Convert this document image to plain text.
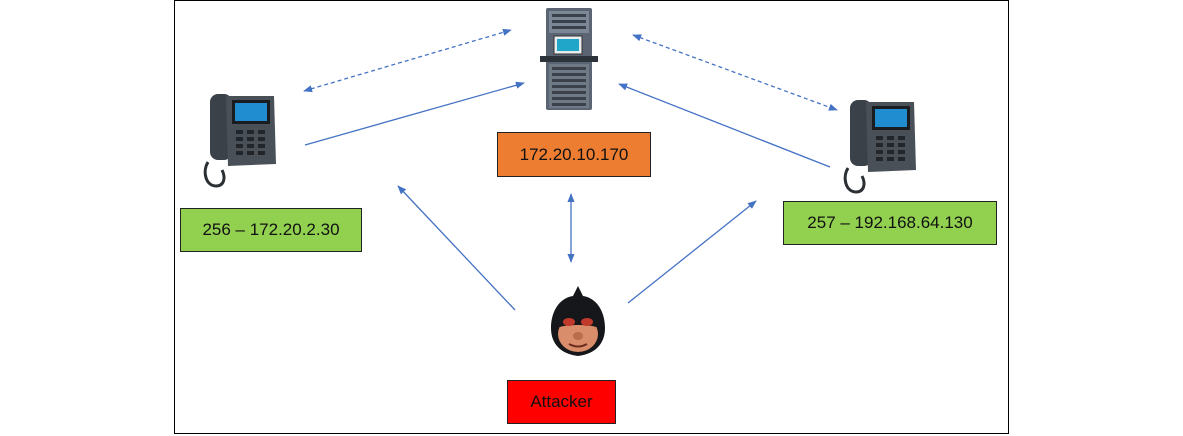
172.20.10.170
256 – 172.20.2.30	257 – 192.168.64.130
Attacker
